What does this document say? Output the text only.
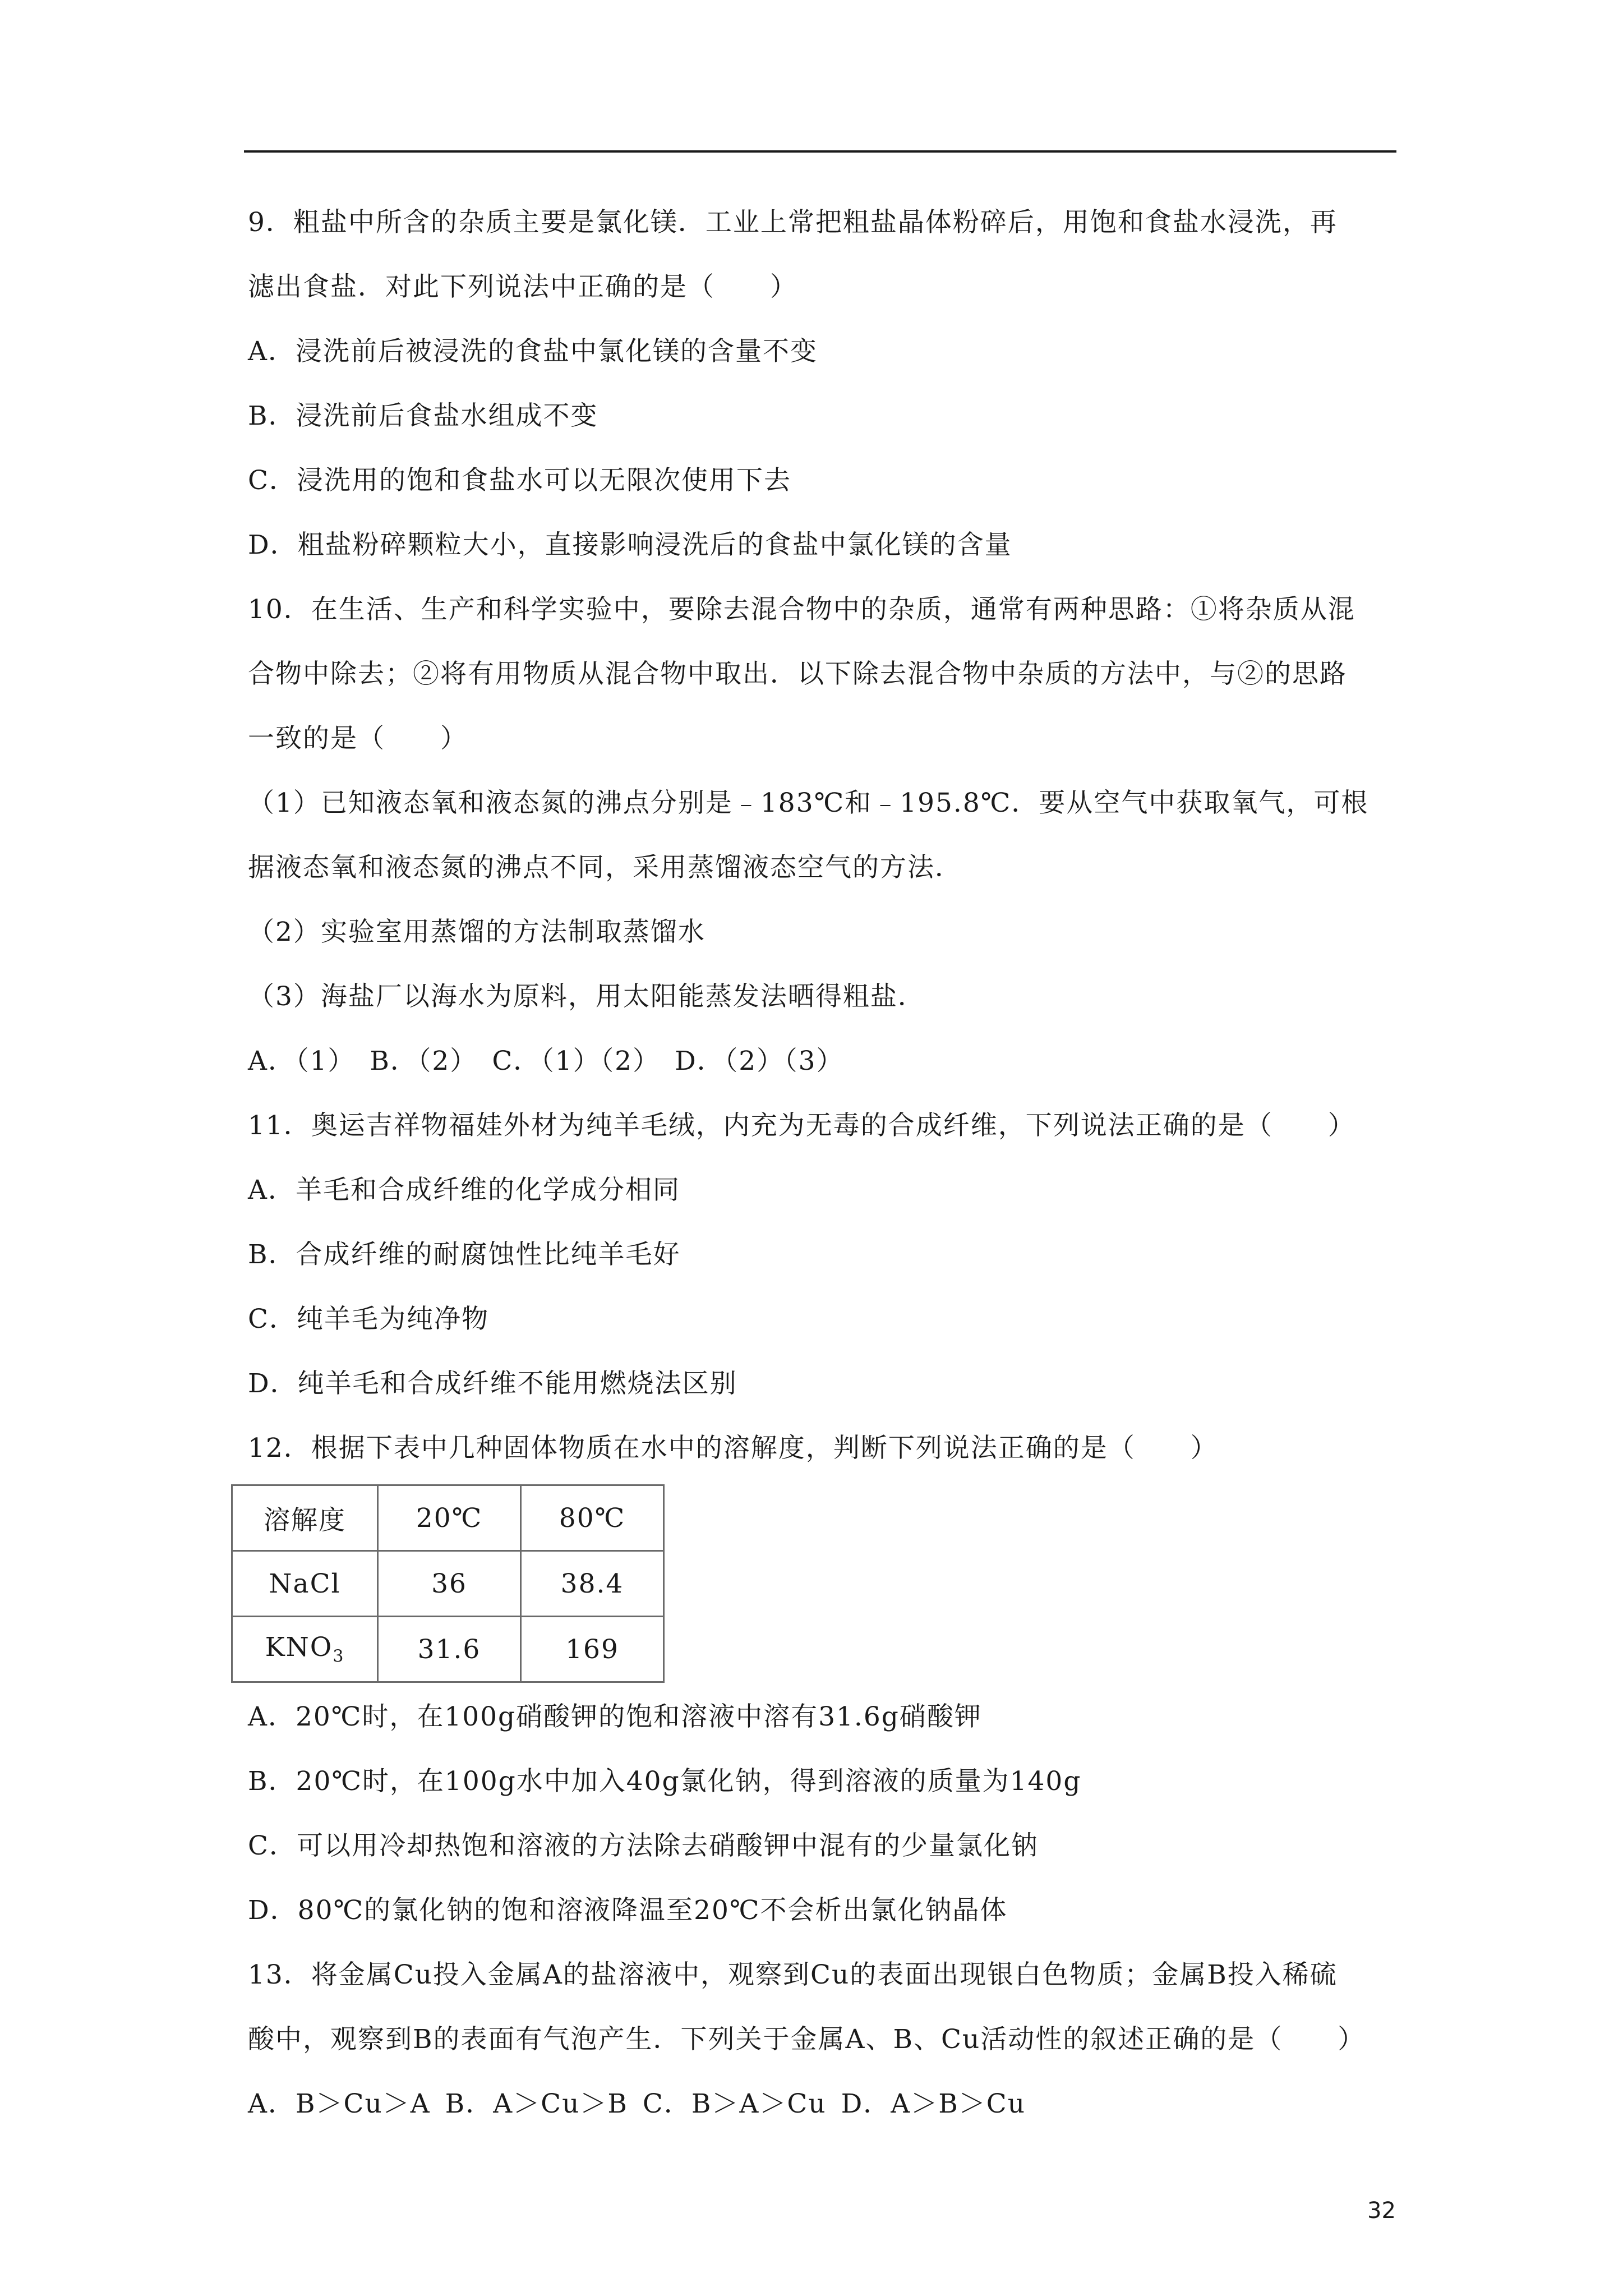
9．粗盐中所含的杂质主要是氯化镁．工业上常把粗盐晶体粉碎后，用饱和食盐水浸洗，再
滤出食盐．对此下列说法中正确的是（　　）
A．浸洗前后被浸洗的食盐中氯化镁的含量不变
B．浸洗前后食盐水组成不变
C．浸洗用的饱和食盐水可以无限次使用下去
D．粗盐粉碎颗粒大小，直接影响浸洗后的食盐中氯化镁的含量
10．在生活、生产和科学实验中，要除去混合物中的杂质，通常有两种思路：①将杂质从混
合物中除去；②将有用物质从混合物中取出．以下除去混合物中杂质的方法中，与②的思路
一致的是（　　）
（1）已知液态氧和液态氮的沸点分别是﹣183℃和﹣195.8℃．要从空气中获取氧气，可根
据液态氧和液态氮的沸点不同，采用蒸馏液态空气的方法．
（2）实验室用蒸馏的方法制取蒸馏水
（3）海盐厂以海水为原料，用太阳能蒸发法晒得粗盐．
A．（1） B．（2） C．（1）（2） D．（2）（3）
11．奥运吉祥物福娃外材为纯羊毛绒，内充为无毒的合成纤维，下列说法正确的是（　　）
A．羊毛和合成纤维的化学成分相同
B．合成纤维的耐腐蚀性比纯羊毛好
C．纯羊毛为纯净物
D．纯羊毛和合成纤维不能用燃烧法区别
12．根据下表中几种固体物质在水中的溶解度，判断下列说法正确的是（　　）
溶解度	20℃	80℃
NaCl	36	38.4
$KNO_3$	31.6	169
A．20℃时，在100g硝酸钾的饱和溶液中溶有31.6g硝酸钾
B．20℃时，在100g水中加入40g氯化钠，得到溶液的质量为140g
C．可以用冷却热饱和溶液的方法除去硝酸钾中混有的少量氯化钠
D．80℃的氯化钠的饱和溶液降温至20℃不会析出氯化钠晶体
13．将金属Cu投入金属A的盐溶液中，观察到Cu的表面出现银白色物质；金属B投入稀硫
酸中，观察到B的表面有气泡产生．下列关于金属A、B、Cu活动性的叙述正确的是（　　）
A．B＞Cu＞A B．A＞Cu＞B C．B＞A＞Cu D．A＞B＞Cu
32
